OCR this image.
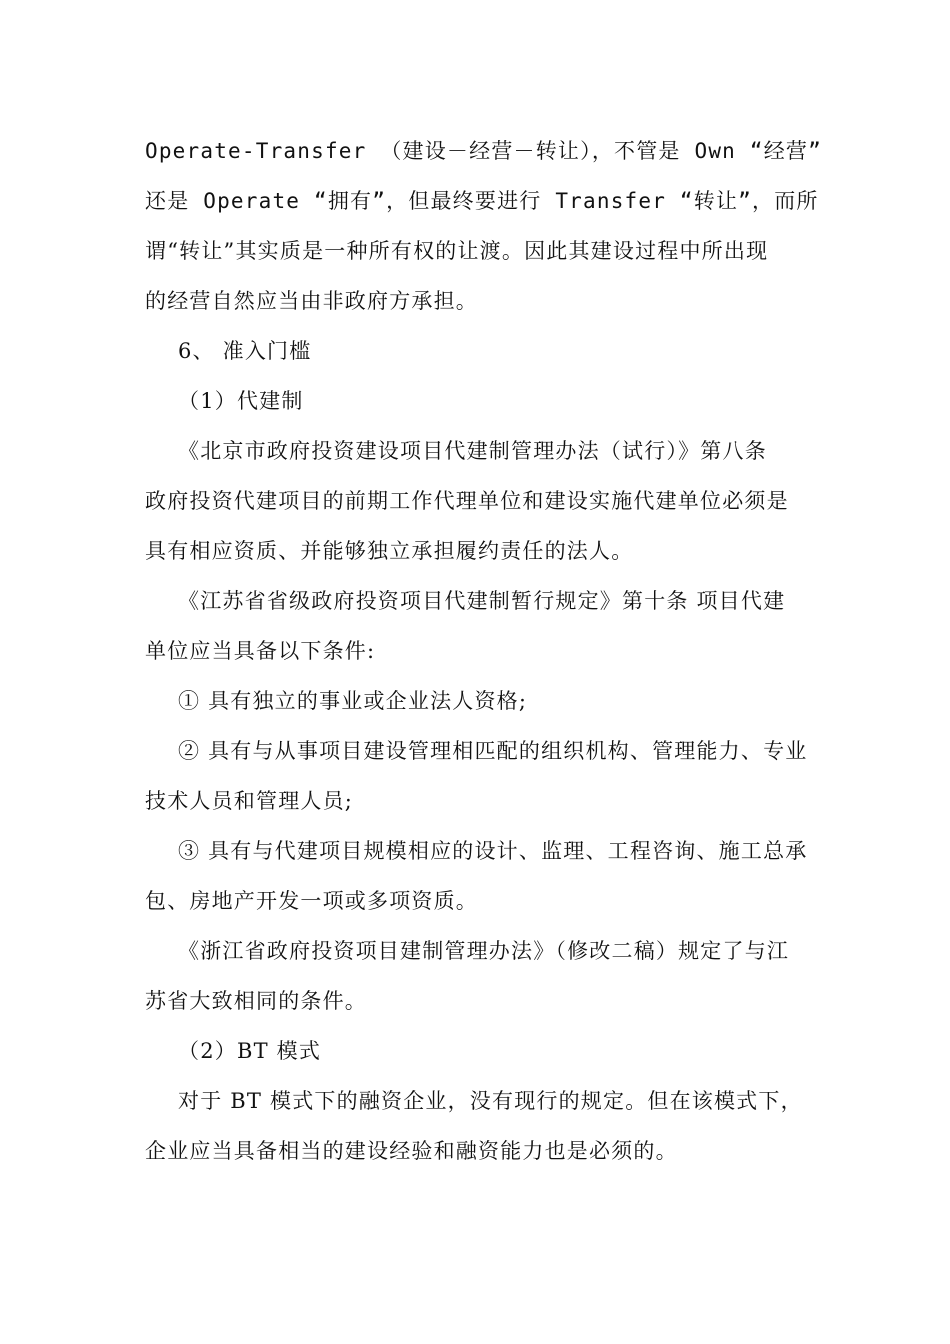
Operate-Transfer （建设－经营－转让），不管是 Own “经营”
还是 Operate “拥有”，但最终要进行 Transfer “转让”，而所
谓“转让”其实质是一种所有权的让渡。因此其建设过程中所出现
的经营自然应当由非政府方承担。
6、 准入门槛
（1）代建制
《北京市政府投资建设项目代建制管理办法（试行）》第八条
政府投资代建项目的前期工作代理单位和建设实施代建单位必须是
具有相应资质、并能够独立承担履约责任的法人。
《江苏省省级政府投资项目代建制暂行规定》第十条 项目代建
单位应当具备以下条件:
① 具有独立的事业或企业法人资格;
② 具有与从事项目建设管理相匹配的组织机构、管理能力、专业
技术人员和管理人员;
③ 具有与代建项目规模相应的设计、监理、工程咨询、施工总承
包、房地产开发一项或多项资质。
《浙江省政府投资项目建制管理办法》（修改二稿）规定了与江
苏省大致相同的条件。
（2）BT 模式
对于 BT 模式下的融资企业，没有现行的规定。但在该模式下，
企业应当具备相当的建设经验和融资能力也是必须的。
